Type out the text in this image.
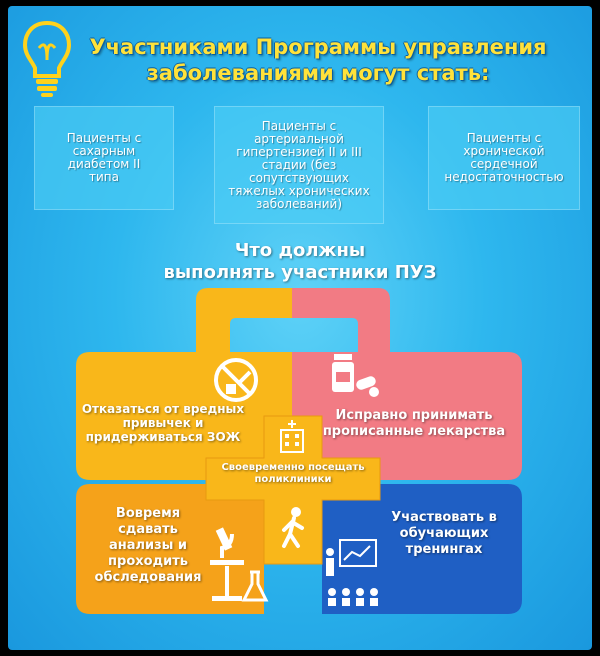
Участниками Программы управления
заболеваниями могут стать:
Пациенты с сахарным диабетом II типа
Пациенты с артериальной гипертензией II и III стадии (без сопутствующих тяжелых хронических заболеваний)
Пациенты с хронической сердечной недостаточностью
Что должны
выполнять участники ПУЗ
Отказаться от вредных привычек и придерживаться ЗОЖ
Исправно принимать прописанные лекарства
Своевременно посещать поликлиники
Вовремя сдавать анализы и проходить обследования
Участвовать в обучающих тренингах
